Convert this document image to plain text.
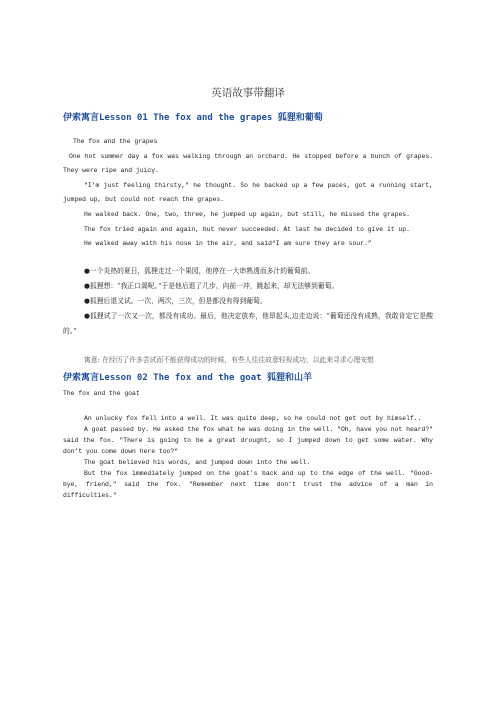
英语故事带翻译

伊索寓言Lesson 01 The fox and the grapes 狐狸和葡萄

The fox and the grapes

One hot summer day a fox was walking through an orchard. He stopped before a bunch of grapes. They were ripe and juicy.

"I’m just feeling thirsty," he thought. So he backed up a few paces, got a running start, jumped up, but could not reach the grapes.

He walked back. One, two, three, he jumped up again, but still, he missed the grapes.

The fox tried again and again, but never succeeded. At last he decided to give it up.

He walked away with his nose in the air, and said“I am sure they are sour.”

●一个炎热的夏日，狐狸走过一个果园，他停在一大串熟透而多汁的葡萄前。

●狐狸想：“我正口渴呢。”于是他后退了几步，向前一冲，跳起来，却无法够到葡萄。

●狐狸后退又试。一次，两次，三次，但是都没有得到葡萄。

●狐狸试了一次又一次，都没有成功。最后，他决定放弃，他昂起头,边走边说：“葡萄还没有成熟，我敢肯定它是酸的。”

寓意: 在经历了许多尝试而不能获得成功的时候，有些人往往故意轻视成功，以此来寻求心理安慰

伊索寓言Lesson 02 The fox and the goat 狐狸和山羊

The fox and the goat

An unlucky fox fell into a well. It was quite deep, so he could not get out by himself..

A goat passed by. He asked the fox what he was doing in the well. "Oh, have you not heard?" said the fox. "There is going to be a great drought, so I jumped down to get some water. Why don’t you come down here too?"

The goat believed his words, and jumped down into the well.

But the fox immediately jumped on the goat’s back and up to the edge of the well. "Good-bye, friend," said the fox. "Remember next time don’t trust the advice of a man in difficulties."
